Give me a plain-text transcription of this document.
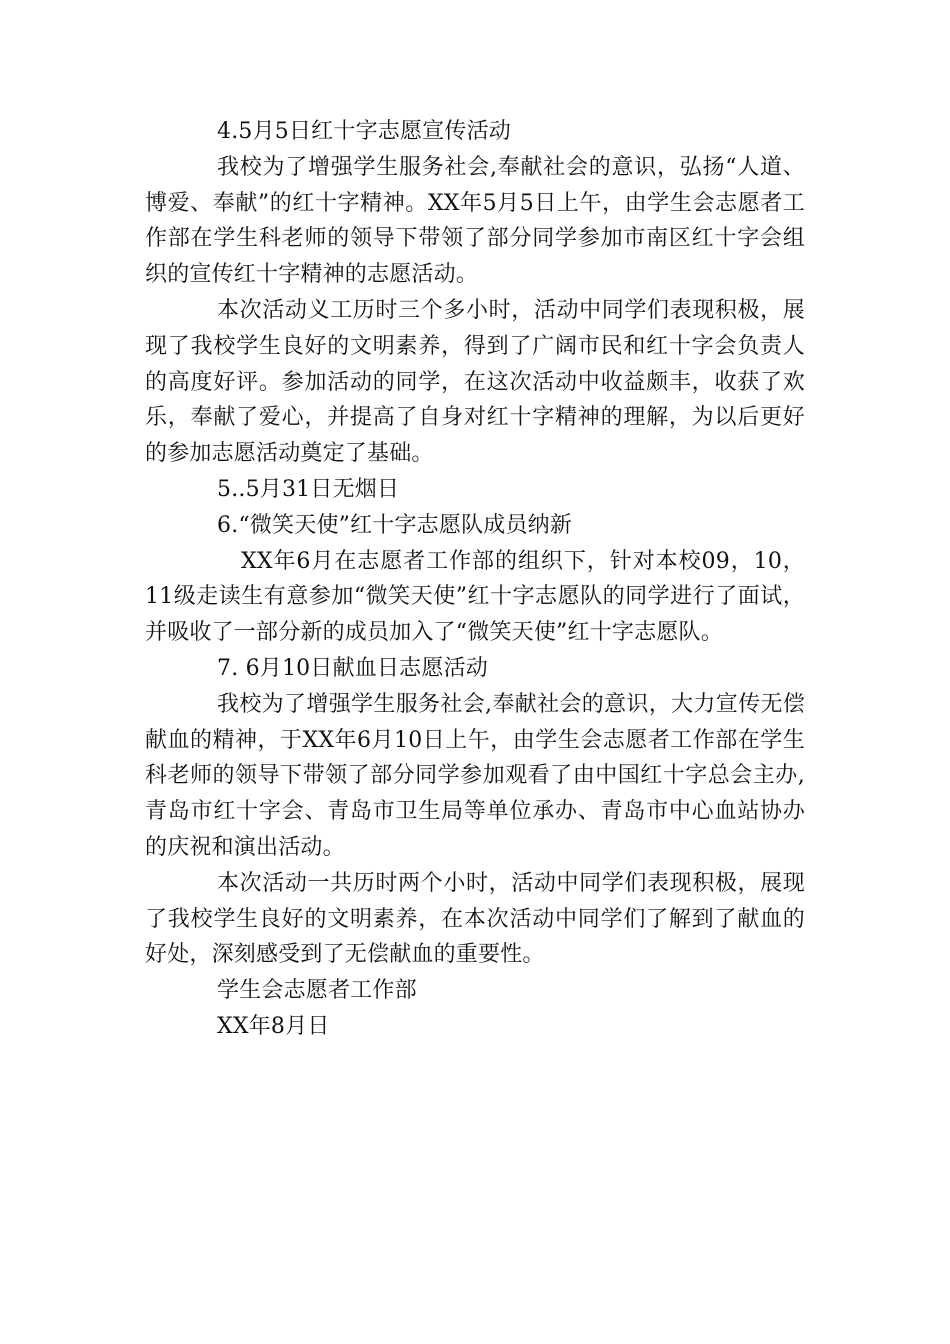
4.5月5日红十字志愿宣传活动

我校为了增强学生服务社会,奉献社会的意识，弘扬“人道、博爱、奉献”的红十字精神。XX年5月5日上午，由学生会志愿者工作部在学生科老师的领导下带领了部分同学参加市南区红十字会组织的宣传红十字精神的志愿活动。

本次活动义工历时三个多小时，活动中同学们表现积极，展现了我校学生良好的文明素养，得到了广阔市民和红十字会负责人的高度好评。参加活动的同学，在这次活动中收益颇丰，收获了欢乐，奉献了爱心，并提高了自身对红十字精神的理解，为以后更好的参加志愿活动奠定了基础。

5..5月31日无烟日

6.“微笑天使”红十字志愿队成员纳新

XX年6月在志愿者工作部的组织下，针对本校09，10，11级走读生有意参加“微笑天使”红十字志愿队的同学进行了面试，并吸收了一部分新的成员加入了“微笑天使”红十字志愿队。

7. 6月10日献血日志愿活动

我校为了增强学生服务社会,奉献社会的意识，大力宣传无偿献血的精神，于XX年6月10日上午，由学生会志愿者工作部在学生科老师的领导下带领了部分同学参加观看了由中国红十字总会主办,青岛市红十字会、青岛市卫生局等单位承办、青岛市中心血站协办的庆祝和演出活动。

本次活动一共历时两个小时，活动中同学们表现积极，展现了我校学生良好的文明素养，在本次活动中同学们了解到了献血的好处，深刻感受到了无偿献血的重要性。

学生会志愿者工作部

XX年8月日
